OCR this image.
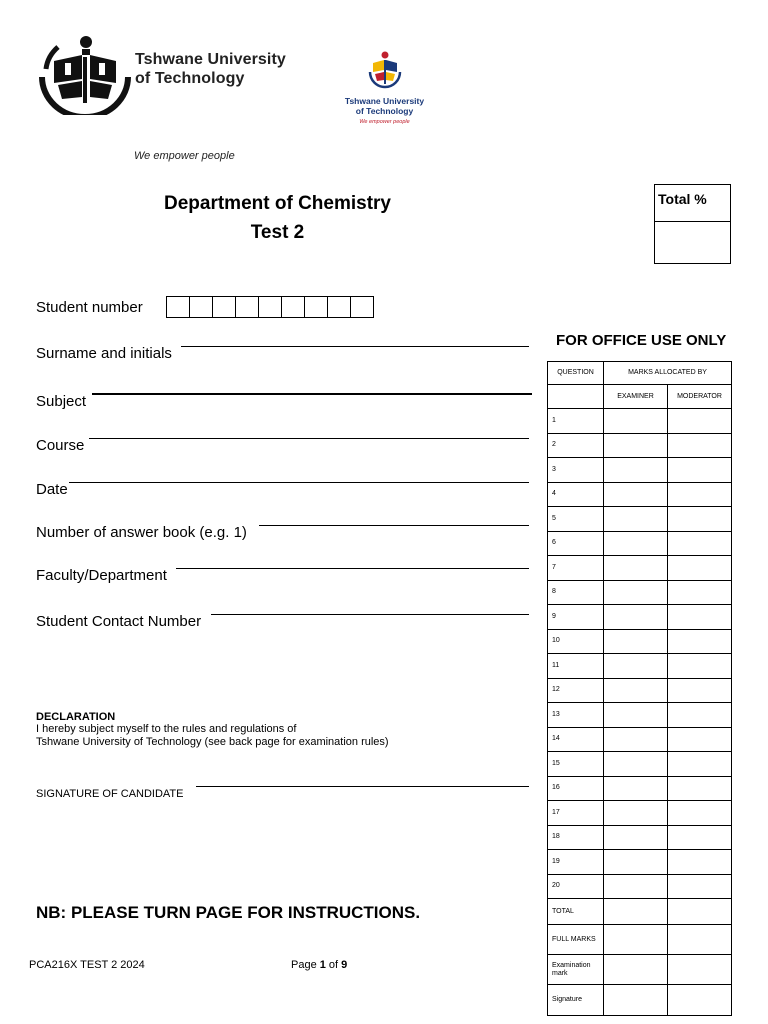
Tshwane University
of Technology
We empower people
Tshwane University
of Technology
We empower people
Department of Chemistry
Test 2
Total %
Student number
Surname and initials
Subject
Course
Date
Number of answer book (e.g. 1)
Faculty/Department
Student Contact Number
DECLARATION
I hereby subject myself to the rules and regulations of
Tshwane University of Technology (see back page for examination rules)
SIGNATURE OF CANDIDATE
NB: PLEASE TURN PAGE FOR INSTRUCTIONS.
PCA216X TEST 2 2024	Page 1 of 9
FOR OFFICE USE ONLY
QUESTION	MARKS ALLOCATED BY	
	EXAMINER	MODERATOR
1		
2		
3		
4		
5		
6		
7		
8		
9		
10		
11		
12		
13		
14		
15		
16		
17		
18		
19		
20		
TOTAL		
FULL MARKS		
Examination mark		
Signature		
